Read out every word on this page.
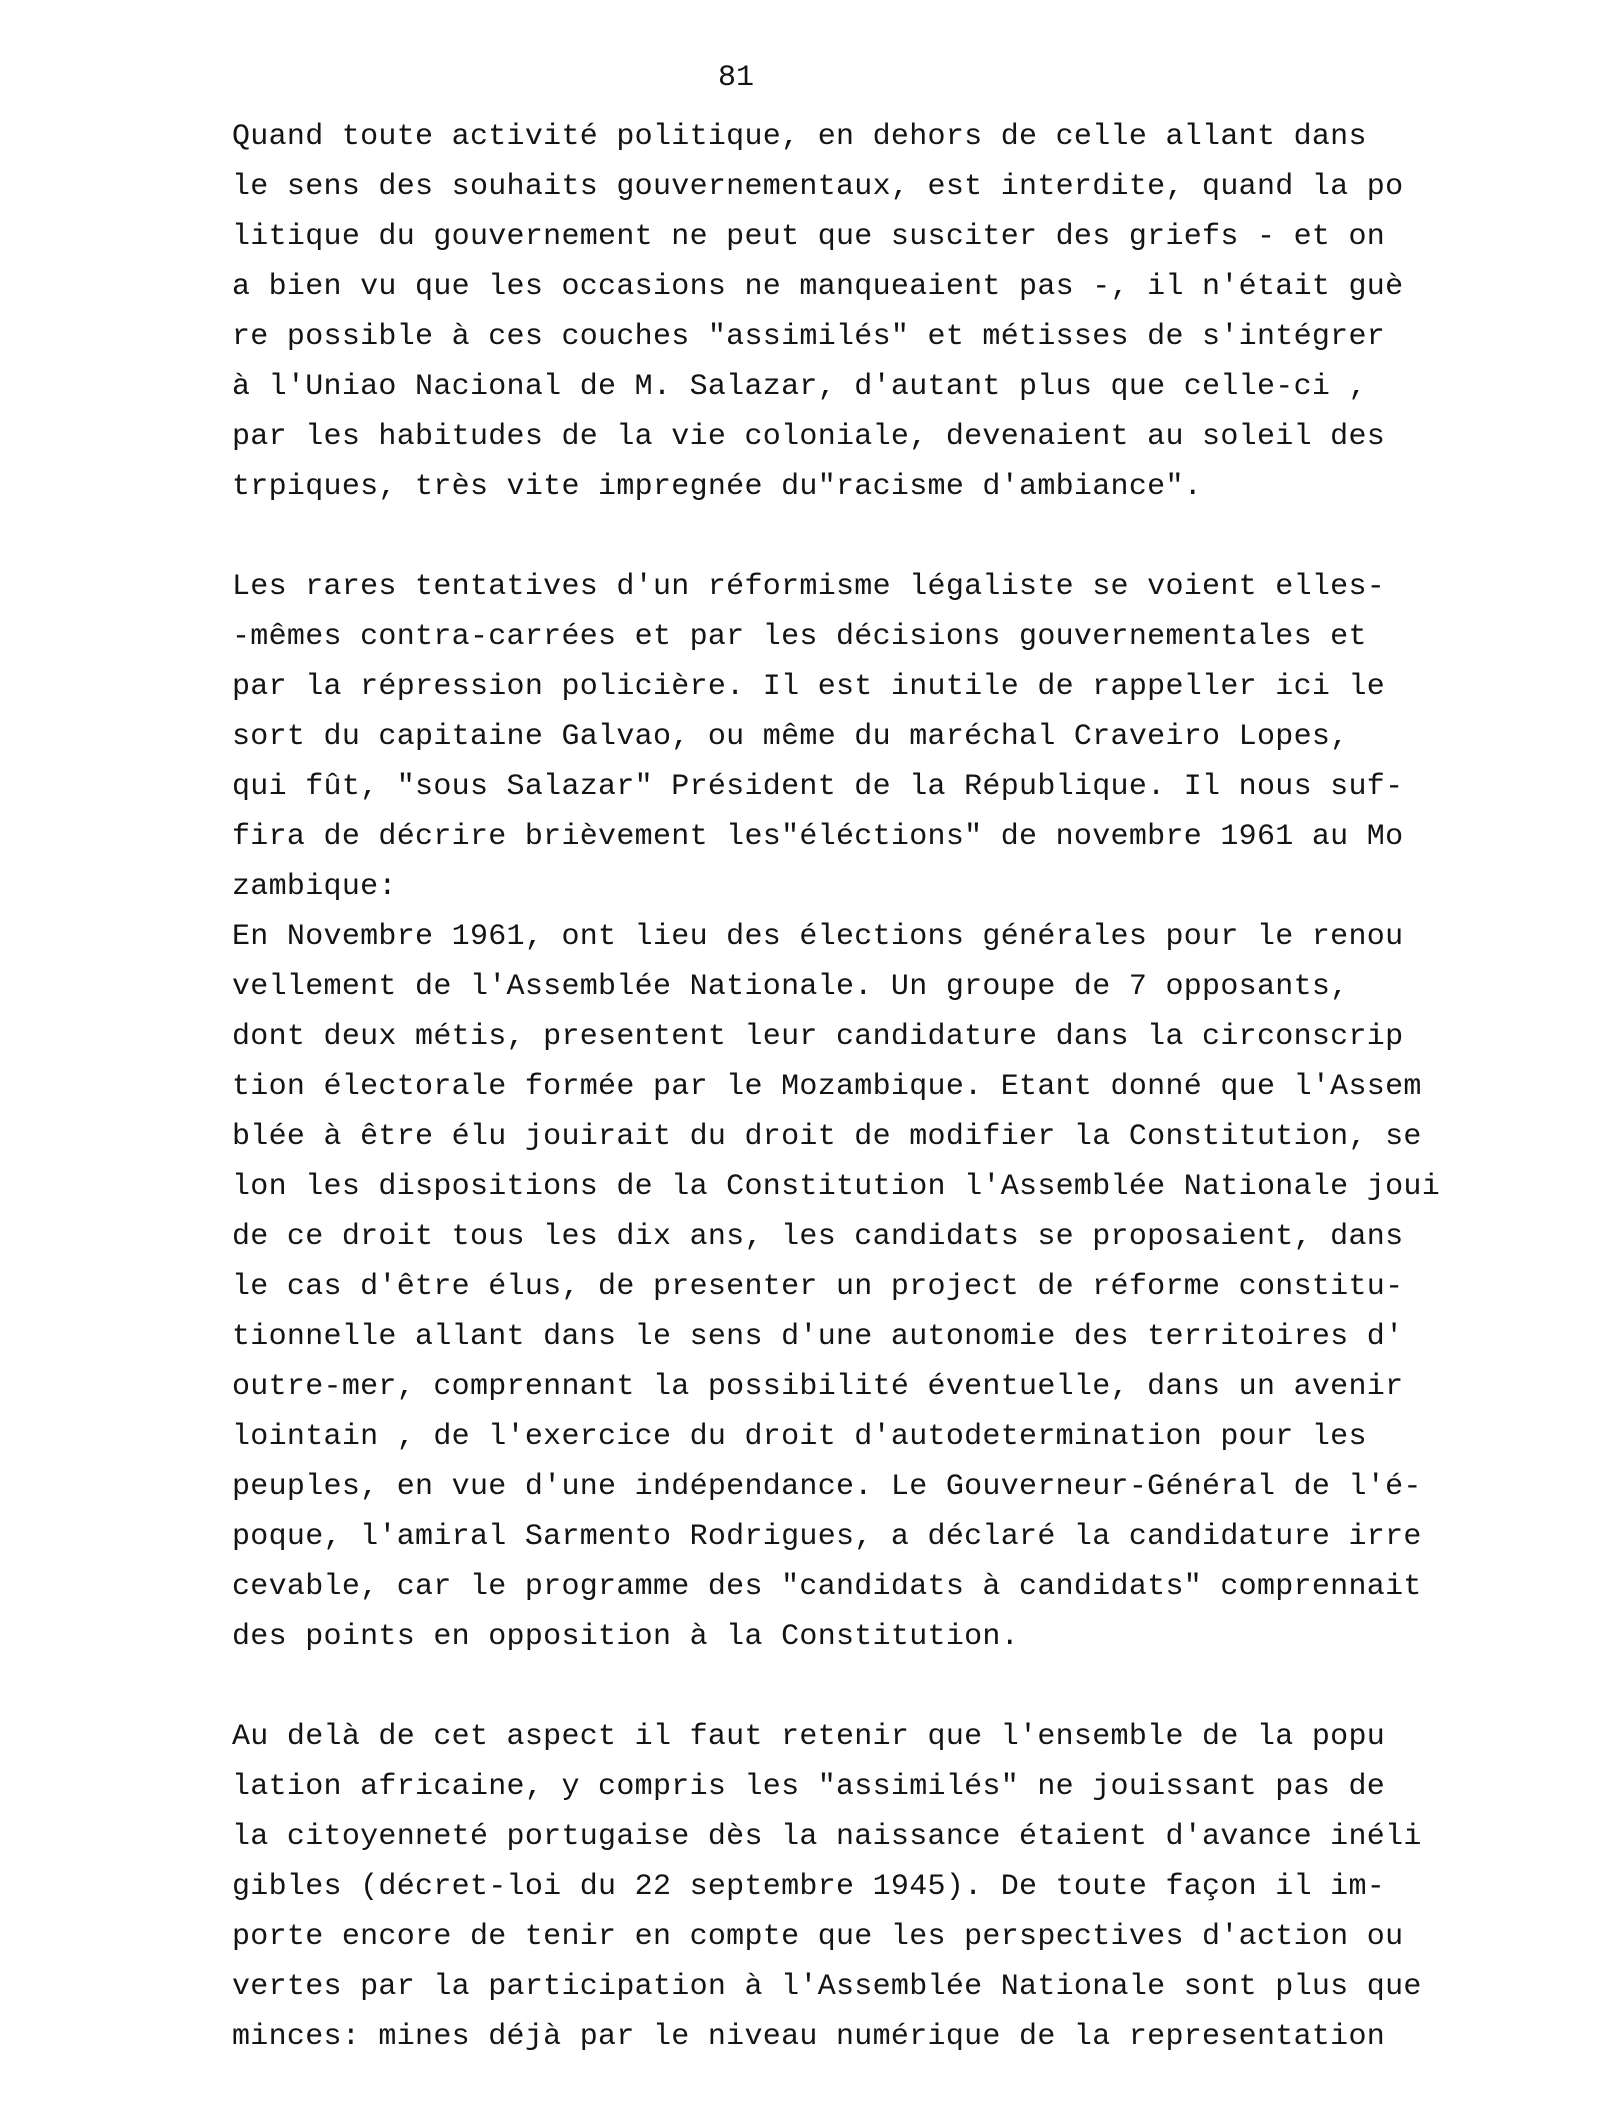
81
Quand toute activité politique, en dehors de celle allant dans
le sens des souhaits gouvernementaux, est interdite, quand la po
litique du gouvernement ne peut que susciter des griefs - et on
a bien vu que les occasions ne manqueaient pas -, il n'était guè
re possible à ces couches "assimilés" et métisses de s'intégrer
à l'Uniao Nacional de M. Salazar, d'autant plus que celle-ci ,
par les habitudes de la vie coloniale, devenaient au soleil des
trpiques, très vite impregnée du"racisme d'ambiance".
Les rares tentatives d'un réformisme légaliste se voient elles-
-mêmes contra-carrées et par les décisions gouvernementales et
par la répression policière. Il est inutile de rappeller ici le
sort du capitaine Galvao, ou même du maréchal Craveiro Lopes,
qui fût, "sous Salazar" Président de la République. Il nous suf-
fira de décrire brièvement les"éléctions" de novembre 1961 au Mo
zambique:
En Novembre 1961, ont lieu des élections générales pour le renou
vellement de l'Assemblée Nationale. Un groupe de 7 opposants,
dont deux métis, presentent leur candidature dans la circonscrip
tion électorale formée par le Mozambique. Etant donné que l'Assem
blée à être élu jouirait du droit de modifier la Constitution, se
lon les dispositions de la Constitution l'Assemblée Nationale joui
de ce droit tous les dix ans, les candidats se proposaient, dans
le cas d'être élus, de presenter un project de réforme constitu-
tionnelle allant dans le sens d'une autonomie des territoires d'
outre-mer, comprennant la possibilité éventuelle, dans un avenir
lointain , de l'exercice du droit d'autodetermination pour les
peuples, en vue d'une indépendance. Le Gouverneur-Général de l'é-
poque, l'amiral Sarmento Rodrigues, a déclaré la candidature irre
cevable, car le programme des "candidats à candidats" comprennait
des points en opposition à la Constitution.
Au delà de cet aspect il faut retenir que l'ensemble de la popu
lation africaine, y compris les "assimilés" ne jouissant pas de
la citoyenneté portugaise dès la naissance étaient d'avance inéli
gibles (décret-loi du 22 septembre 1945). De toute façon il im-
porte encore de tenir en compte que les perspectives d'action ou
vertes par la participation à l'Assemblée Nationale sont plus que
minces: mines déjà par le niveau numérique de la representation
